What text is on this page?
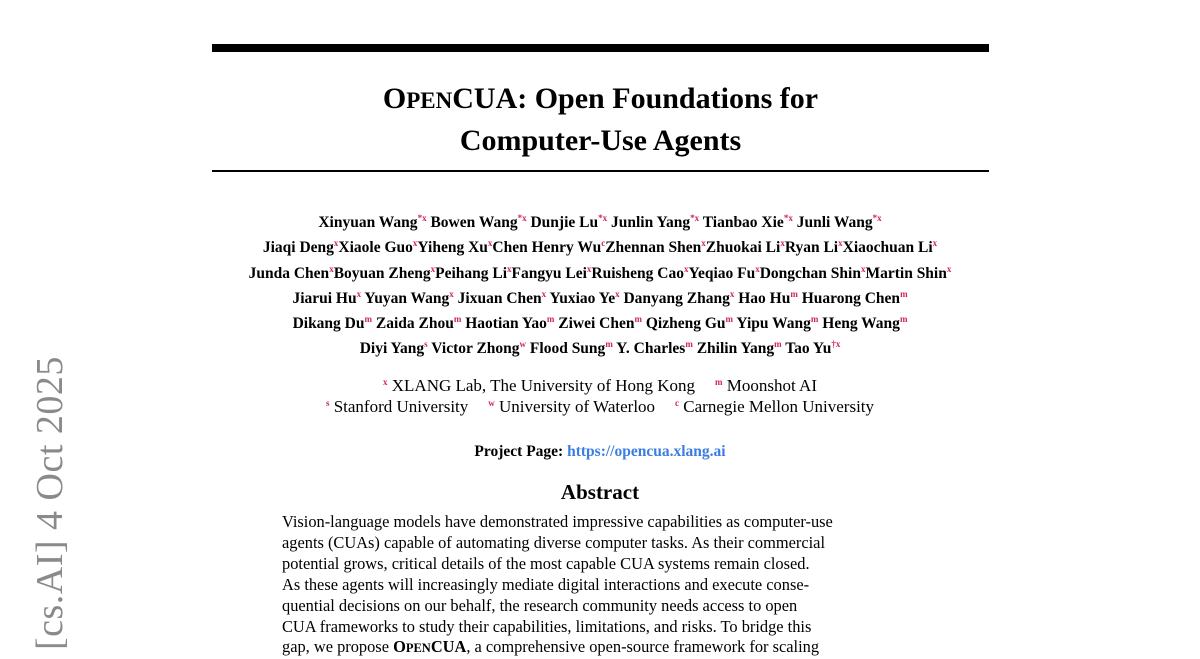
[cs.AI] 4 Oct 2025
OPENCUA: Open Foundations for
Computer-Use Agents
Xinyuan Wang$^{*x}$ Bowen Wang$^{*x}$ Dunjie Lu$^{*x}$ Junlin Yang$^{*x}$ Tianbao Xie$^{*x}$ Junli Wang$^{*x}$
Jiaqi Deng$^x$Xiaole Guo$^x$Yiheng Xu$^x$Chen Henry Wu$^c$Zhennan Shen$^x$Zhuokai Li$^x$Ryan Li$^x$Xiaochuan Li$^x$
Junda Chen$^x$Boyuan Zheng$^x$Peihang Li$^x$Fangyu Lei$^x$Ruisheng Cao$^x$Yeqiao Fu$^x$Dongchan Shin$^x$Martin Shin$^x$
Jiarui Hu$^x$ Yuyan Wang$^x$ Jixuan Chen$^x$ Yuxiao Ye$^x$ Danyang Zhang$^x$ Hao Hu$^m$ Huarong Chen$^m$
Dikang Du$^m$ Zaida Zhou$^m$ Haotian Yao$^m$ Ziwei Chen$^m$ Qizheng Gu$^m$ Yipu Wang$^m$ Heng Wang$^m$
Diyi Yang$^s$ Victor Zhong$^w$ Flood Sung$^m$ Y. Charles$^m$ Zhilin Yang$^m$ Tao Yu$^{\dagger x}$
$^x$ XLANG Lab, The University of Hong Kong $^m$ Moonshot AI
$^s$ Stanford University $^w$ University of Waterloo $^c$ Carnegie Mellon University
Project Page: https://opencua.xlang.ai
Abstract
Vision-language models have demonstrated impressive capabilities as computer-use
agents (CUAs) capable of automating diverse computer tasks. As their commercial
potential grows, critical details of the most capable CUA systems remain closed.
As these agents will increasingly mediate digital interactions and execute conse-
quential decisions on our behalf, the research community needs access to open
CUA frameworks to study their capabilities, limitations, and risks. To bridge this
gap, we propose OPENCUA, a comprehensive open-source framework for scaling
